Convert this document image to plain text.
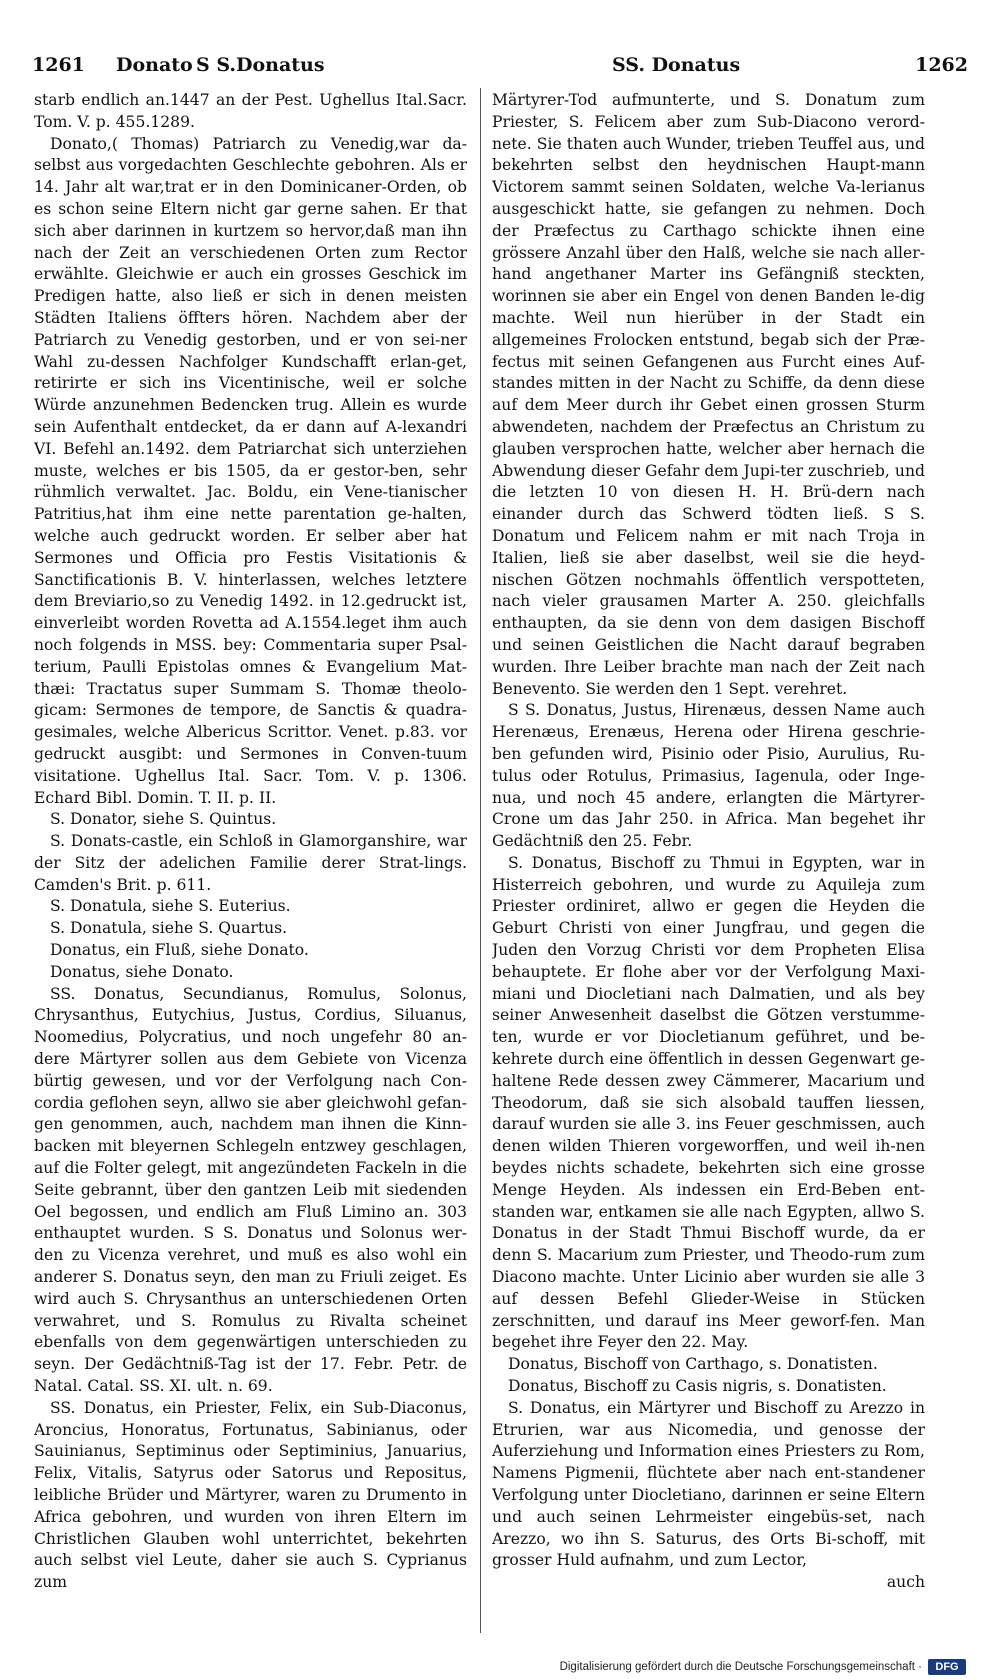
1261 Donato S S.Donatus	SS. Donatus	1262

starb endlich an.1447 an der Pest. Ughellus Ital.Sacr. Tom. V. p. 455.1289.

Donato,( Thomas) Patriarch zu Venedig,war da-selbst aus vorgedachten Geschlechte gebohren. Als er 14. Jahr alt war,trat er in den Dominicaner-Orden, ob es schon seine Eltern nicht gar gerne sahen. Er that sich aber darinnen in kurtzem so hervor,daß man ihn nach der Zeit an verschiedenen Orten zum Rector erwählte. Gleichwie er auch ein grosses Geschick im Predigen hatte, also ließ er sich in denen meisten Städten Italiens öffters hören. Nachdem aber der Patriarch zu Venedig gestorben, und er von sei-ner Wahl zu-dessen Nachfolger Kundschafft erlan-get, retirirte er sich ins Vicentinische, weil er solche Würde anzunehmen Bedencken trug. Allein es wurde sein Aufenthalt entdecket, da er dann auf A-lexandri VI. Befehl an.1492. dem Patriarchat sich unterziehen muste, welches er bis 1505, da er gestor-ben, sehr rühmlich verwaltet. Jac. Boldu, ein Vene-tianischer Patritius,hat ihm eine nette parentation ge-halten, welche auch gedruckt worden. Er selber aber hat Sermones und Officia pro Festis Visitationis & Sanctificationis B. V. hinterlassen, welches letztere dem Breviario,so zu Venedig 1492. in 12.gedruckt ist, einverleibt worden Rovetta ad A.1554.leget ihm auch noch folgends in MSS. bey: Commentaria super Psal-terium, Paulli Epistolas omnes & Evangelium Mat-thæi: Tractatus super Summam S. Thomæ theolo-gicam: Sermones de tempore, de Sanctis & quadra-gesimales, welche Albericus Scrittor. Venet. p.83. vor gedruckt ausgibt: und Sermones in Conven-tuum visitatione. Ughellus Ital. Sacr. Tom. V. p. 1306. Echard Bibl. Domin. T. II. p. II.

S. Donator, siehe S. Quintus.

S. Donats-castle, ein Schloß in Glamorganshire, war der Sitz der adelichen Familie derer Strat-lings. Camden's Brit. p. 611.

S. Donatula, siehe S. Euterius.

S. Donatula, siehe S. Quartus.

Donatus, ein Fluß, siehe Donato.

Donatus, siehe Donato.

SS. Donatus, Secundianus, Romulus, Solonus, Chrysanthus, Eutychius, Justus, Cordius, Siluanus, Noomedius, Polycratius, und noch ungefehr 80 an-dere Märtyrer sollen aus dem Gebiete von Vicenza bürtig gewesen, und vor der Verfolgung nach Con-cordia geflohen seyn, allwo sie aber gleichwohl gefan-gen genommen, auch, nachdem man ihnen die Kinn-backen mit bleyernen Schlegeln entzwey geschlagen, auf die Folter gelegt, mit angezündeten Fackeln in die Seite gebrannt, über den gantzen Leib mit siedenden Oel begossen, und endlich am Fluß Limino an. 303 enthauptet wurden. S S. Donatus und Solonus wer-den zu Vicenza verehret, und muß es also wohl ein anderer S. Donatus seyn, den man zu Friuli zeiget. Es wird auch S. Chrysanthus an unterschiedenen Orten verwahret, und S. Romulus zu Rivalta scheinet ebenfalls von dem gegenwärtigen unterschieden zu seyn. Der Gedächtniß-Tag ist der 17. Febr. Petr. de Natal. Catal. SS. XI. ult. n. 69.

SS. Donatus, ein Priester, Felix, ein Sub-Diaconus, Aroncius, Honoratus, Fortunatus, Sabinianus, oder Sauinianus, Septiminus oder Septiminius, Januarius, Felix, Vitalis, Satyrus oder Satorus und Repositus, leibliche Brüder und Märtyrer, waren zu Drumento in Africa gebohren, und wurden von ihren Eltern im Christlichen Glauben wohl unterrichtet, bekehrten auch selbst viel Leute, daher sie auch S. Cyprianus zum

Märtyrer-Tod aufmunterte, und S. Donatum zum Priester, S. Felicem aber zum Sub-Diacono verord-nete. Sie thaten auch Wunder, trieben Teuffel aus, und bekehrten selbst den heydnischen Haupt-mann Victorem sammt seinen Soldaten, welche Va-lerianus ausgeschickt hatte, sie gefangen zu nehmen. Doch der Præfectus zu Carthago schickte ihnen eine grössere Anzahl über den Halß, welche sie nach aller-hand angethaner Marter ins Gefängniß steckten, worinnen sie aber ein Engel von denen Banden le-dig machte. Weil nun hierüber in der Stadt ein allgemeines Frolocken entstund, begab sich der Præ-fectus mit seinen Gefangenen aus Furcht eines Auf-standes mitten in der Nacht zu Schiffe, da denn diese auf dem Meer durch ihr Gebet einen grossen Sturm abwendeten, nachdem der Præfectus an Christum zu glauben versprochen hatte, welcher aber hernach die Abwendung dieser Gefahr dem Jupi-ter zuschrieb, und die letzten 10 von diesen H. H. Brü-dern nach einander durch das Schwerd tödten ließ. S S. Donatum und Felicem nahm er mit nach Troja in Italien, ließ sie aber daselbst, weil sie die heyd-nischen Götzen nochmahls öffentlich verspotteten, nach vieler grausamen Marter A. 250. gleichfalls enthaupten, da sie denn von dem dasigen Bischoff und seinen Geistlichen die Nacht darauf begraben wurden. Ihre Leiber brachte man nach der Zeit nach Benevento. Sie werden den 1 Sept. verehret.

S S. Donatus, Justus, Hirenæus, dessen Name auch Herenæus, Erenæus, Herena oder Hirena geschrie-ben gefunden wird, Pisinio oder Pisio, Aurulius, Ru-tulus oder Rotulus, Primasius, Iagenula, oder Inge-nua, und noch 45 andere, erlangten die Märtyrer-Crone um das Jahr 250. in Africa. Man begehet ihr Gedächtniß den 25. Febr.

S. Donatus, Bischoff zu Thmui in Egypten, war in Histerreich gebohren, und wurde zu Aquileja zum Priester ordiniret, allwo er gegen die Heyden die Geburt Christi von einer Jungfrau, und gegen die Juden den Vorzug Christi vor dem Propheten Elisa behauptete. Er flohe aber vor der Verfolgung Maxi-miani und Diocletiani nach Dalmatien, und als bey seiner Anwesenheit daselbst die Götzen verstumme-ten, wurde er vor Diocletianum geführet, und be-kehrete durch eine öffentlich in dessen Gegenwart ge-haltene Rede dessen zwey Cämmerer, Macarium und Theodorum, daß sie sich alsobald tauffen liessen, darauf wurden sie alle 3. ins Feuer geschmissen, auch denen wilden Thieren vorgeworffen, und weil ih-nen beydes nichts schadete, bekehrten sich eine grosse Menge Heyden. Als indessen ein Erd-Beben ent-standen war, entkamen sie alle nach Egypten, allwo S. Donatus in der Stadt Thmui Bischoff wurde, da er denn S. Macarium zum Priester, und Theodo-rum zum Diacono machte. Unter Licinio aber wurden sie alle 3 auf dessen Befehl Glieder-Weise in Stücken zerschnitten, und darauf ins Meer geworf-fen. Man begehet ihre Feyer den 22. May.

Donatus, Bischoff von Carthago, s. Donatisten.

Donatus, Bischoff zu Casis nigris, s. Donatisten.

S. Donatus, ein Märtyrer und Bischoff zu Arezzo in Etrurien, war aus Nicomedia, und genosse der Auferziehung und Information eines Priesters zu Rom, Namens Pigmenii, flüchtete aber nach ent-standener Verfolgung unter Diocletiano, darinnen er seine Eltern und auch seinen Lehrmeister eingebüs-set, nach Arezzo, wo ihn S. Saturus, des Orts Bi-schoff, mit grosser Huld aufnahm, und zum Lector,

auch

Digitalisierung gefördert durch die Deutsche Forschungsgemeinschaft ·	DFG
